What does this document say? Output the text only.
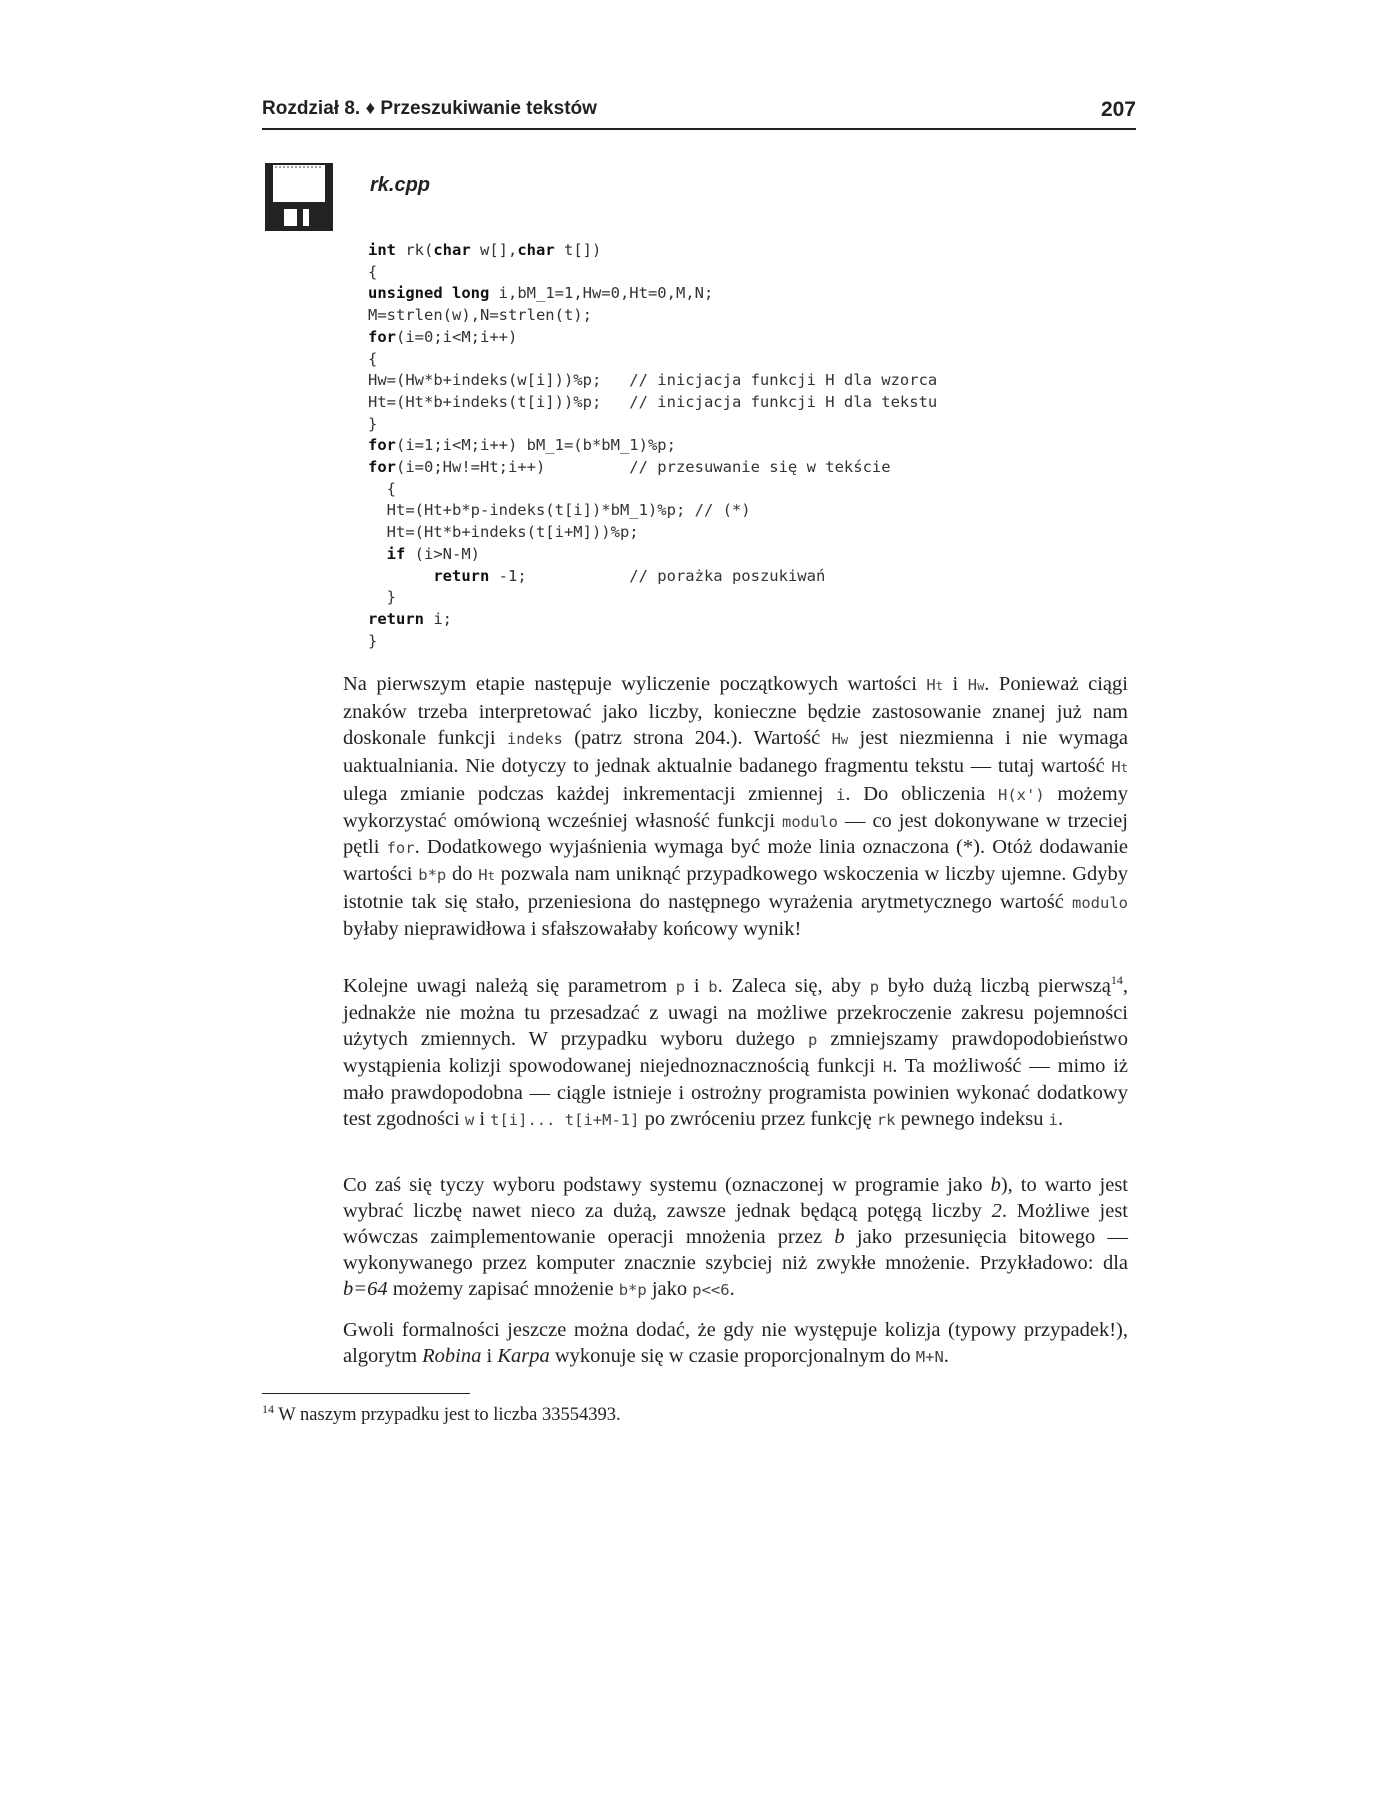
Rozdział 8. ♦ Przeszukiwanie tekstów	207
rk.cpp
int rk(char w[],char t[])
{
unsigned long i,bM_1=1,Hw=0,Ht=0,M,N;
M=strlen(w),N=strlen(t);
for(i=0;i<M;i++)
{
Hw=(Hw*b+indeks(w[i]))%p;   // inicjacja funkcji H dla wzorca
Ht=(Ht*b+indeks(t[i]))%p;   // inicjacja funkcji H dla tekstu
}
for(i=1;i<M;i++) bM_1=(b*bM_1)%p;
for(i=0;Hw!=Ht;i++)         // przesuwanie się w tekście
{
Ht=(Ht+b*p-indeks(t[i])*bM_1)%p; // (*)
Ht=(Ht*b+indeks(t[i+M]))%p;
if (i>N-M)
return -1;           // porażka poszukiwań
}
return i;
}

Na pierwszym etapie następuje wyliczenie początkowych wartości Ht i Hw. Ponieważ ciągi znaków trzeba interpretować jako liczby, konieczne będzie zastosowanie znanej już nam doskonale funkcji indeks (patrz strona 204.). Wartość Hw jest niezmienna i nie wymaga uaktualniania. Nie dotyczy to jednak aktualnie badanego fragmentu tekstu — tutaj wartość Ht ulega zmianie podczas każdej inkrementacji zmiennej i. Do obliczenia H(x') możemy wykorzystać omówioną wcześniej własność funkcji modulo — co jest dokonywane w trzeciej pętli for. Dodatkowego wyjaśnienia wymaga być może linia oznaczona (*). Otóż dodawanie wartości b*p do Ht pozwala nam uniknąć przypadkowego wskoczenia w liczby ujemne. Gdyby istotnie tak się stało, przeniesiona do następnego wyrażenia arytmetycznego wartość modulo byłaby nieprawidłowa i sfałszowałaby końcowy wynik!

Kolejne uwagi należą się parametrom p i b. Zaleca się, aby p było dużą liczbą pierwszą$^{14}$, jednakże nie można tu przesadzać z uwagi na możliwe przekroczenie zakresu pojemności użytych zmiennych. W przypadku wyboru dużego p zmniejszamy prawdopodobieństwo wystąpienia kolizji spowodowanej niejednoznacznością funkcji H. Ta możliwość — mimo iż mało prawdopodobna — ciągle istnieje i ostrożny programista powinien wykonać dodatkowy test zgodności w i t[i]... t[i+M-1] po zwróceniu przez funkcję rk pewnego indeksu i.

Co zaś się tyczy wyboru podstawy systemu (oznaczonej w programie jako b), to warto jest wybrać liczbę nawet nieco za dużą, zawsze jednak będącą potęgą liczby 2. Możliwe jest wówczas zaimplementowanie operacji mnożenia przez b jako przesunięcia bitowego — wykonywanego przez komputer znacznie szybciej niż zwykłe mnożenie. Przykładowo: dla b=64 możemy zapisać mnożenie b*p jako p<<6.

Gwoli formalności jeszcze można dodać, że gdy nie występuje kolizja (typowy przypadek!), algorytm Robina i Karpa wykonuje się w czasie proporcjonalnym do M+N.

$^{14}$ W naszym przypadku jest to liczba 33554393.
